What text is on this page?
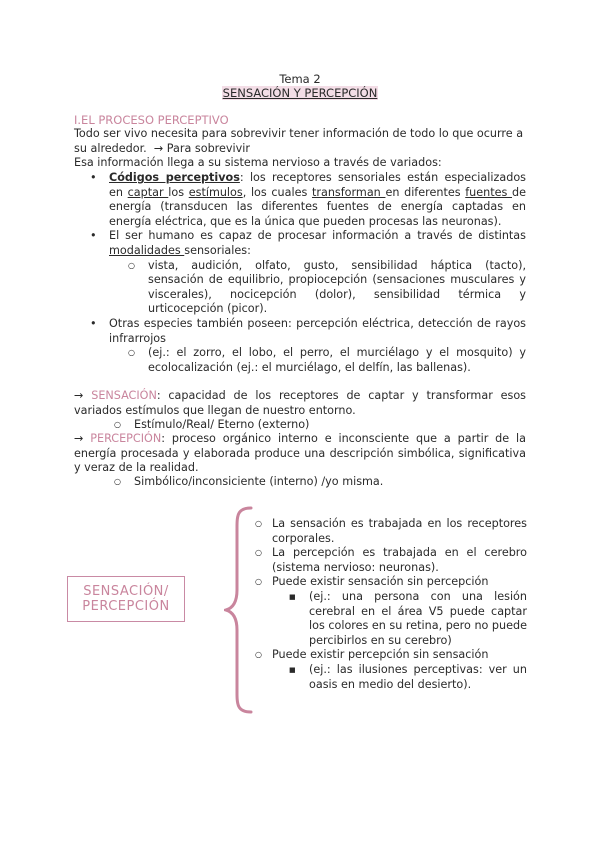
Tema 2
SENSACIÓN Y PERCEPCIÓN
I.EL PROCESO PERCEPTIVO
Todo ser vivo necesita para sobrevivir tener información de todo lo que ocurre a su alrededor. → Para sobrevivir
Esa información llega a su sistema nervioso a través de variados:
• Códigos perceptivos: los receptores sensoriales están especializados en captar los estímulos, los cuales transforman en diferentes fuentes de energía (transducen las diferentes fuentes de energía captadas en energía eléctrica, que es la única que pueden procesas las neuronas).
• El ser humano es capaz de procesar información a través de distintas modalidades sensoriales:
○ vista, audición, olfato, gusto, sensibilidad háptica (tacto), sensación de equilibrio, propiocepción (sensaciones musculares y viscerales), nocicepción (dolor), sensibilidad térmica y urticocepción (picor).
• Otras especies también poseen: percepción eléctrica, detección de rayos infrarrojos
○ (ej.: el zorro, el lobo, el perro, el murciélago y el mosquito) y ecolocalización (ej.: el murciélago, el delfín, las ballenas).
→ SENSACIÓN: capacidad de los receptores de captar y transformar esos variados estímulos que llegan de nuestro entorno.
○ Estímulo/Real/ Eterno (externo)
→ PERCEPCIÓN: proceso orgánico interno e inconsciente que a partir de la energía procesada y elaborada produce una descripción simbólica, significativa y veraz de la realidad.
○ Simbólico/inconsiciente (interno) /yo misma.
SENSACIÓN/
PERCEPCIÓN
○ La sensación es trabajada en los receptores corporales.
○ La percepción es trabajada en el cerebro (sistema nervioso: neuronas).
○ Puede existir sensación sin percepción
■ (ej.: una persona con una lesión cerebral en el área V5 puede captar los colores en su retina, pero no puede percibirlos en su cerebro)
○ Puede existir percepción sin sensación
■ (ej.: las ilusiones perceptivas: ver un oasis en medio del desierto).
